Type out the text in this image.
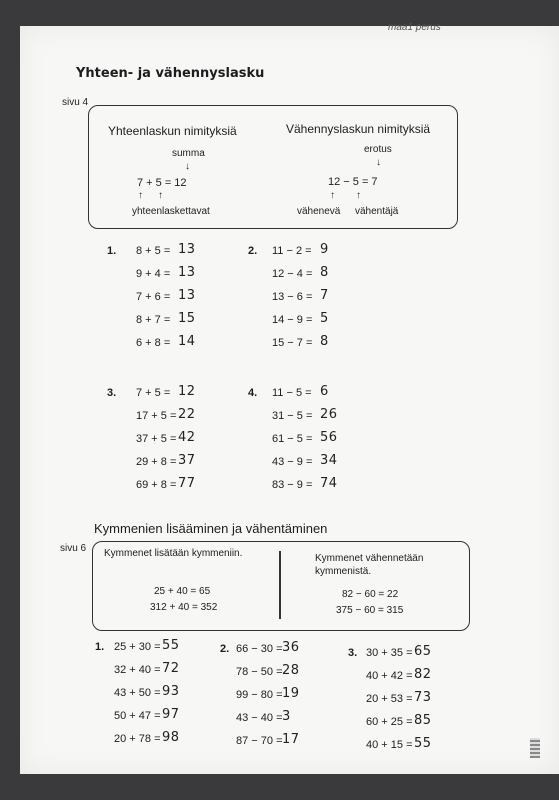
maa1 perus
Yhteen- ja vähennyslasku
sivu 4
Yhteenlaskun nimityksiä	Vähennyslaskun nimityksiä
summa
↓
7 + 5 = 12
↑ ↑
yhteenlaskettavat
erotus
↓
12 − 5 = 7
↑ ↑
vähenevä vähentäjä
1. 8 + 5 = 13
9 + 4 = 13
7 + 6 = 13
8 + 7 = 15
6 + 8 = 14
2. 11 − 2 = 9
12 − 4 = 8
13 − 6 = 7
14 − 9 = 5
15 − 7 = 8
3. 7 + 5 = 12
17 + 5 = 22
37 + 5 = 42
29 + 8 = 37
69 + 8 = 77
4. 11 − 5 = 6
31 − 5 = 26
61 − 5 = 56
43 − 9 = 34
83 − 9 = 74
Kymmenien lisääminen ja vähentäminen
sivu 6 Kymmenet lisätään kymmeniin.
25 + 40 = 65
312 + 40 = 352
Kymmenet vähennetään
kymmenistä.
82 − 60 = 22
375 − 60 = 315
1. 25 + 30 = 55
32 + 40 = 72
43 + 50 = 93
50 + 47 = 97
20 + 78 = 98
2. 66 − 30 = 36
78 − 50 = 28
99 − 80 = 19
43 − 40 = 3
87 − 70 = 17
3. 30 + 35 = 65
40 + 42 = 82
20 + 53 = 73
60 + 25 = 85
40 + 15 = 55
